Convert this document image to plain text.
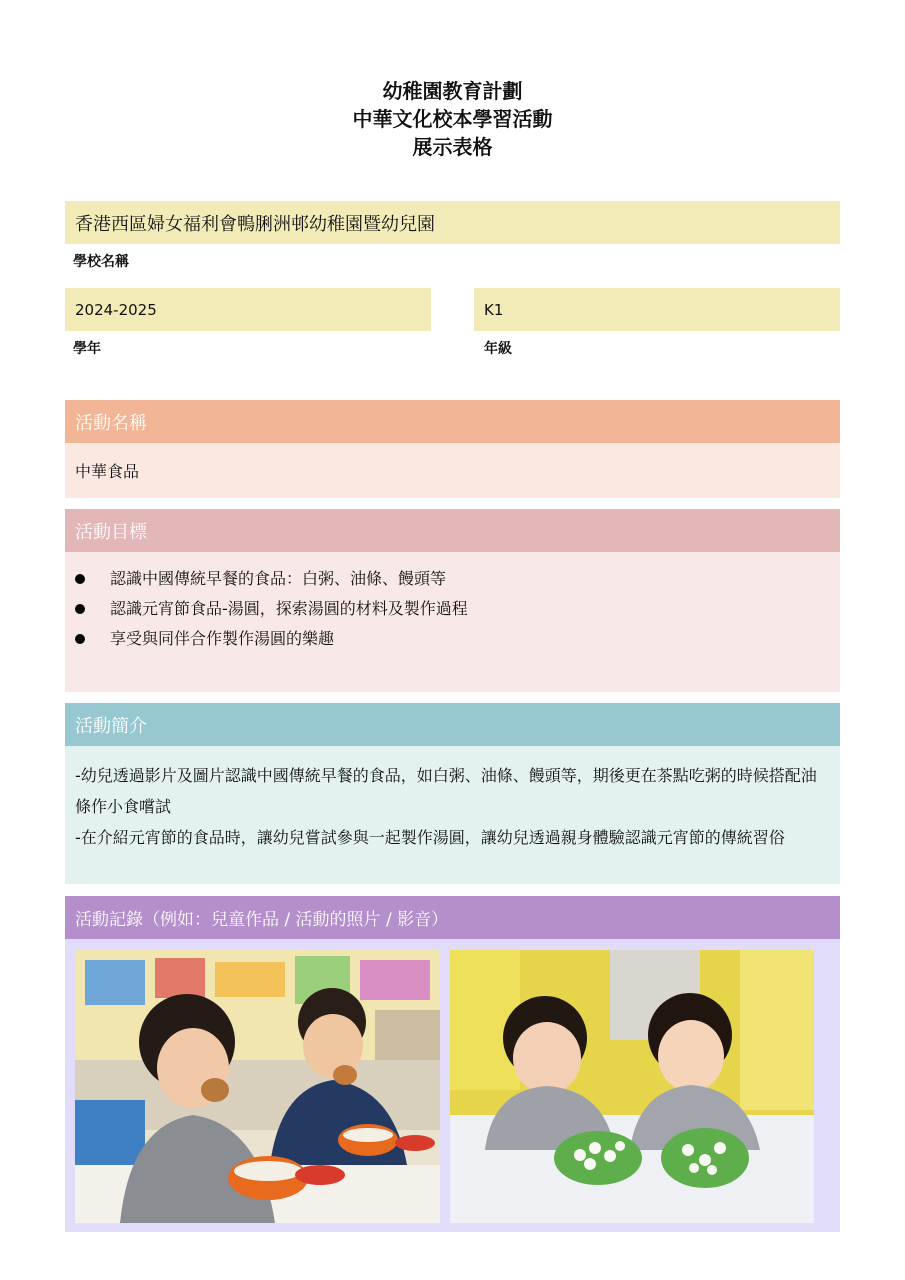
幼稚園教育計劃
中華文化校本學習活動
展示表格
香港西區婦女福利會鴨脷洲邨幼稚園暨幼兒園
學校名稱
2024-2025
學年
K1
年級
活動名稱
中華食品
活動目標
認識中國傳統早餐的食品：白粥、油條、饅頭等
認識元宵節食品-湯圓，探索湯圓的材料及製作過程
享受與同伴合作製作湯圓的樂趣
活動簡介

-幼兒透過影片及圖片認識中國傳統早餐的食品，如白粥、油條、饅頭等，期後更在茶點吃粥的時候搭配油條作小食嚐試

-在介紹元宵節的食品時，讓幼兒嘗試參與一起製作湯圓，讓幼兒透過親身體驗認識元宵節的傳統習俗

活動記錄（例如：兒童作品 / 活動的照片 / 影音）
